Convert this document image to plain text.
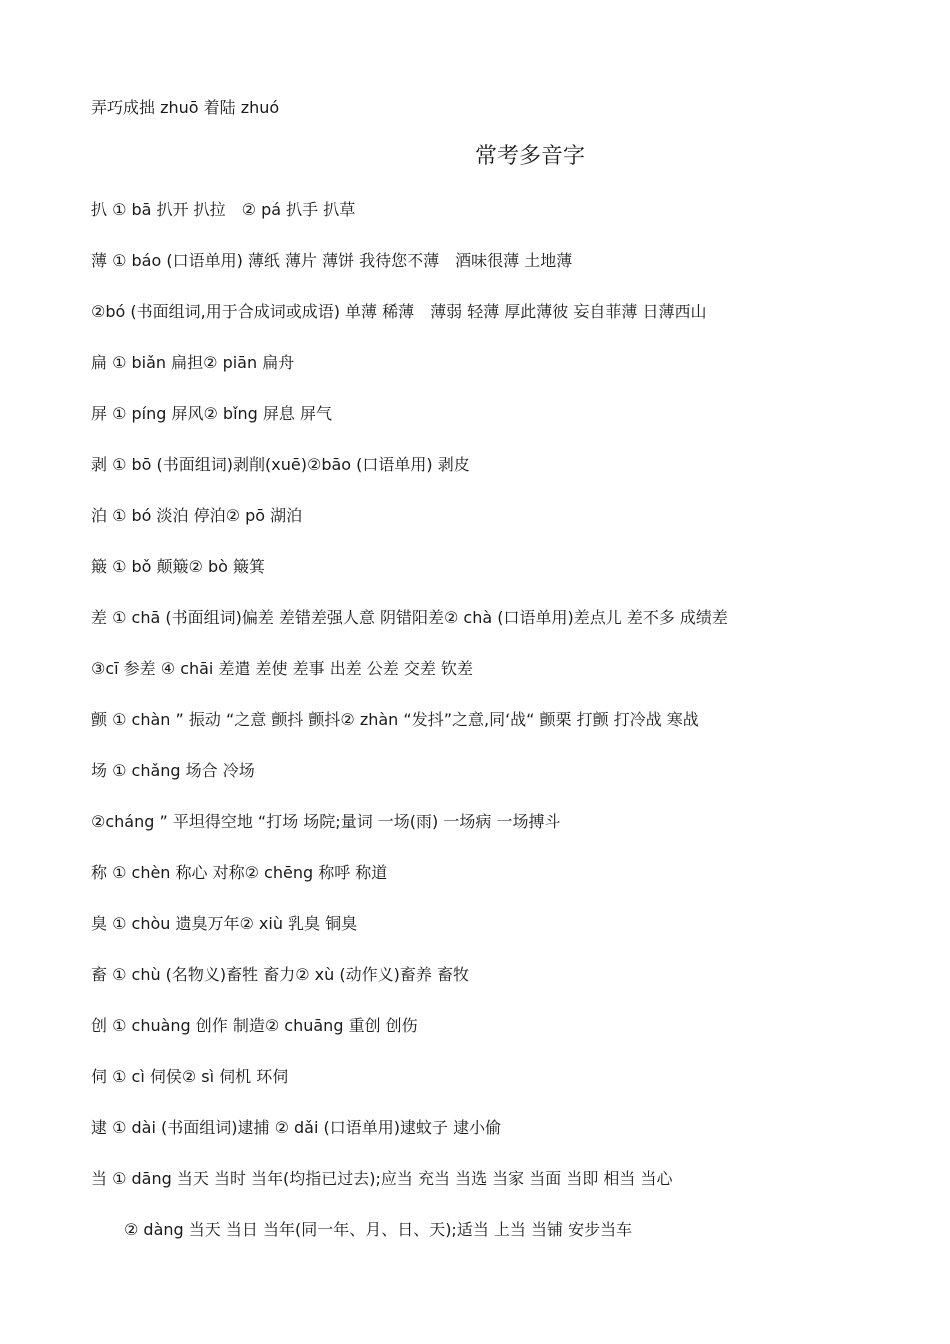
弄巧成拙 zhuō 着陆 zhuó
常考多音字
扒 ① bā 扒开 扒拉　② pá 扒手 扒草
薄 ① báo (口语单用) 薄纸 薄片 薄饼 我待您不薄　酒味很薄 土地薄
②bó (书面组词,用于合成词或成语) 单薄 稀薄　薄弱 轻薄 厚此薄彼 妄自菲薄 日薄西山
扁 ① biǎn 扁担② piān 扁舟
屏 ① píng 屏风② bǐng 屏息 屏气
剥 ① bō (书面组词)剥削(xuē)②bāo (口语单用) 剥皮
泊 ① bó 淡泊 停泊② pō 湖泊
簸 ① bǒ 颠簸② bò 簸箕
差 ① chā (书面组词)偏差 差错差强人意 阴错阳差② chà (口语单用)差点儿 差不多 成绩差
③cī 参差 ④ chāi 差遣 差使 差事 出差 公差 交差 钦差
颤 ① chàn ” 振动 “之意 颤抖 颤抖② zhàn “发抖”之意,同‘战“ 颤栗 打颤 打冷战 寒战
场 ① chǎng 场合 冷场
②cháng ” 平坦得空地 “打场 场院;量词 一场(雨) 一场病 一场搏斗
称 ① chèn 称心 对称② chēng 称呼 称道
臭 ① chòu 遗臭万年② xiù 乳臭 铜臭
畜 ① chù (名物义)畜牲 畜力② xù (动作义)畜养 畜牧
创 ① chuàng 创作 制造② chuāng 重创 创伤
伺 ① cì 伺侯② sì 伺机 环伺
逮 ① dài (书面组词)逮捕 ② dǎi (口语单用)逮蚊子 逮小偷
当 ① dāng 当天 当时 当年(均指已过去);应当 充当 当选 当家 当面 当即 相当 当心
② dàng 当天 当日 当年(同一年、月、日、天);适当 上当 当铺 安步当车
